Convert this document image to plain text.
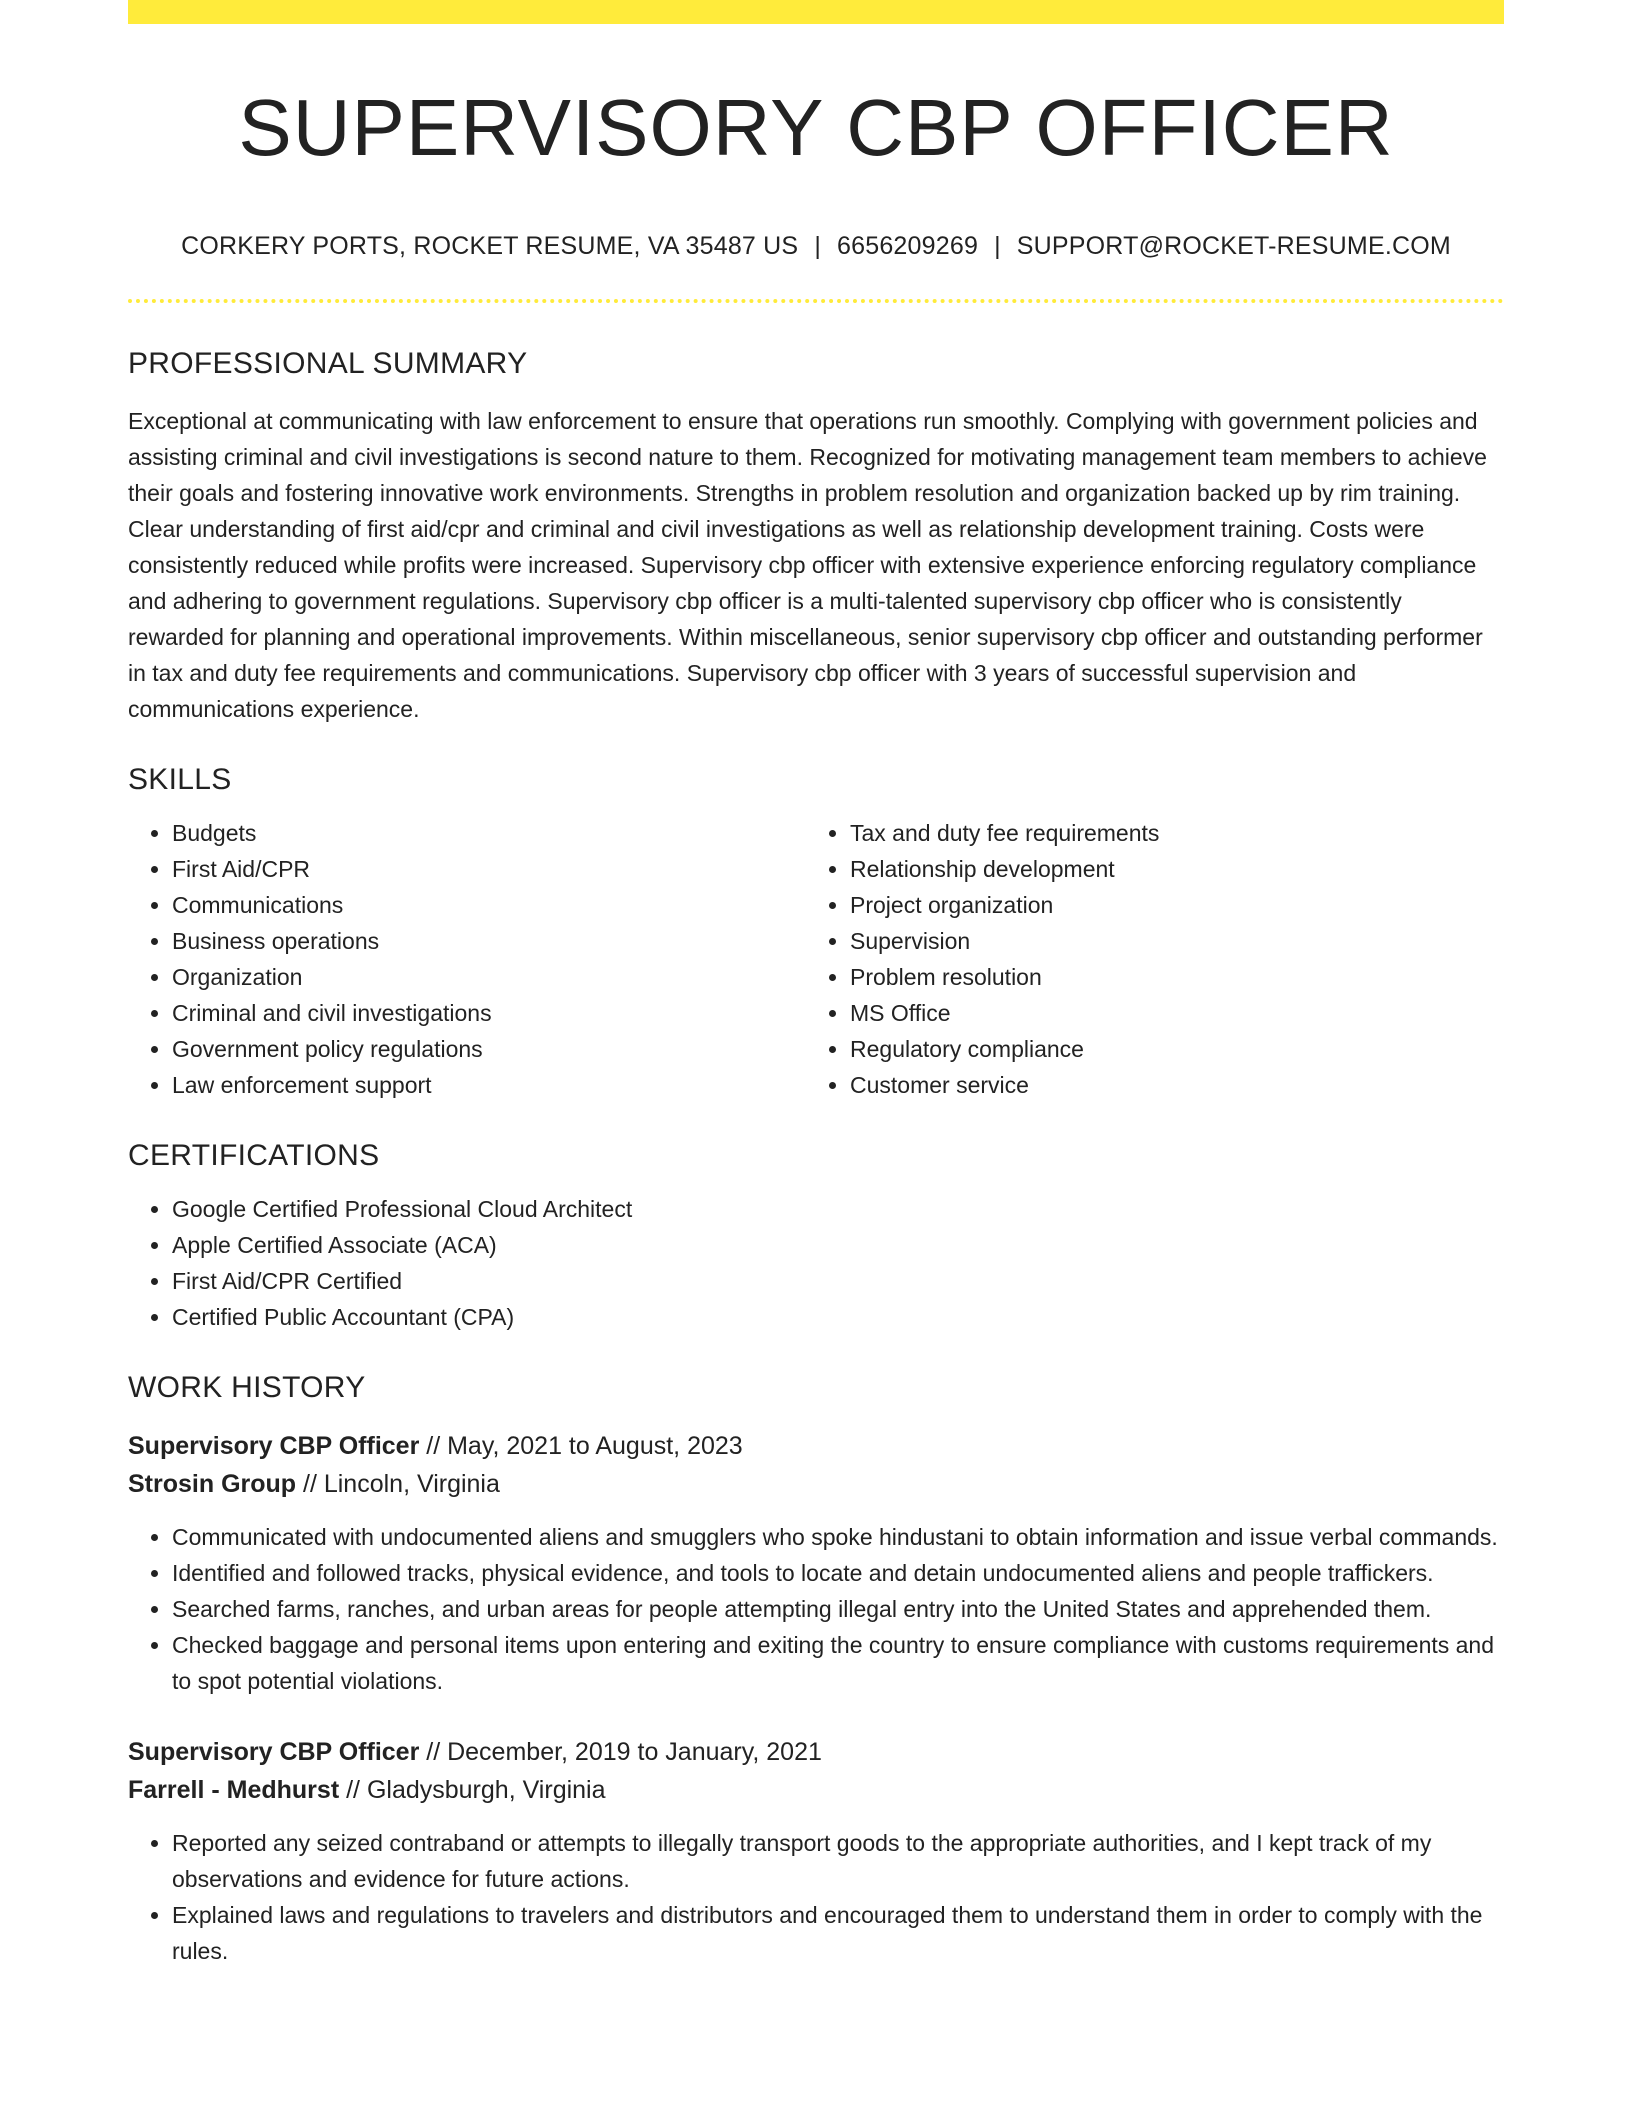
SUPERVISORY CBP OFFICER
CORKERY PORTS, ROCKET RESUME, VA 35487 US | 6656209269 | SUPPORT@ROCKET-RESUME.COM
PROFESSIONAL SUMMARY
Exceptional at communicating with law enforcement to ensure that operations run smoothly. Complying with government policies and assisting criminal and civil investigations is second nature to them. Recognized for motivating management team members to achieve their goals and fostering innovative work environments. Strengths in problem resolution and organization backed up by rim training. Clear understanding of first aid/cpr and criminal and civil investigations as well as relationship development training. Costs were consistently reduced while profits were increased. Supervisory cbp officer with extensive experience enforcing regulatory compliance and adhering to government regulations. Supervisory cbp officer is a multi-talented supervisory cbp officer who is consistently rewarded for planning and operational improvements. Within miscellaneous, senior supervisory cbp officer and outstanding performer in tax and duty fee requirements and communications. Supervisory cbp officer with 3 years of successful supervision and communications experience.
SKILLS
• Budgets
• First Aid/CPR
• Communications
• Business operations
• Organization
• Criminal and civil investigations
• Government policy regulations
• Law enforcement support
• Tax and duty fee requirements
• Relationship development
• Project organization
• Supervision
• Problem resolution
• MS Office
• Regulatory compliance
• Customer service
CERTIFICATIONS
• Google Certified Professional Cloud Architect
• Apple Certified Associate (ACA)
• First Aid/CPR Certified
• Certified Public Accountant (CPA)
WORK HISTORY
Supervisory CBP Officer // May, 2021 to August, 2023
Strosin Group // Lincoln, Virginia
• Communicated with undocumented aliens and smugglers who spoke hindustani to obtain information and issue verbal commands.
• Identified and followed tracks, physical evidence, and tools to locate and detain undocumented aliens and people traffickers.
• Searched farms, ranches, and urban areas for people attempting illegal entry into the United States and apprehended them.
• Checked baggage and personal items upon entering and exiting the country to ensure compliance with customs requirements and to spot potential violations.
Supervisory CBP Officer // December, 2019 to January, 2021
Farrell - Medhurst // Gladysburgh, Virginia
• Reported any seized contraband or attempts to illegally transport goods to the appropriate authorities, and I kept track of my observations and evidence for future actions.
• Explained laws and regulations to travelers and distributors and encouraged them to understand them in order to comply with the rules.
